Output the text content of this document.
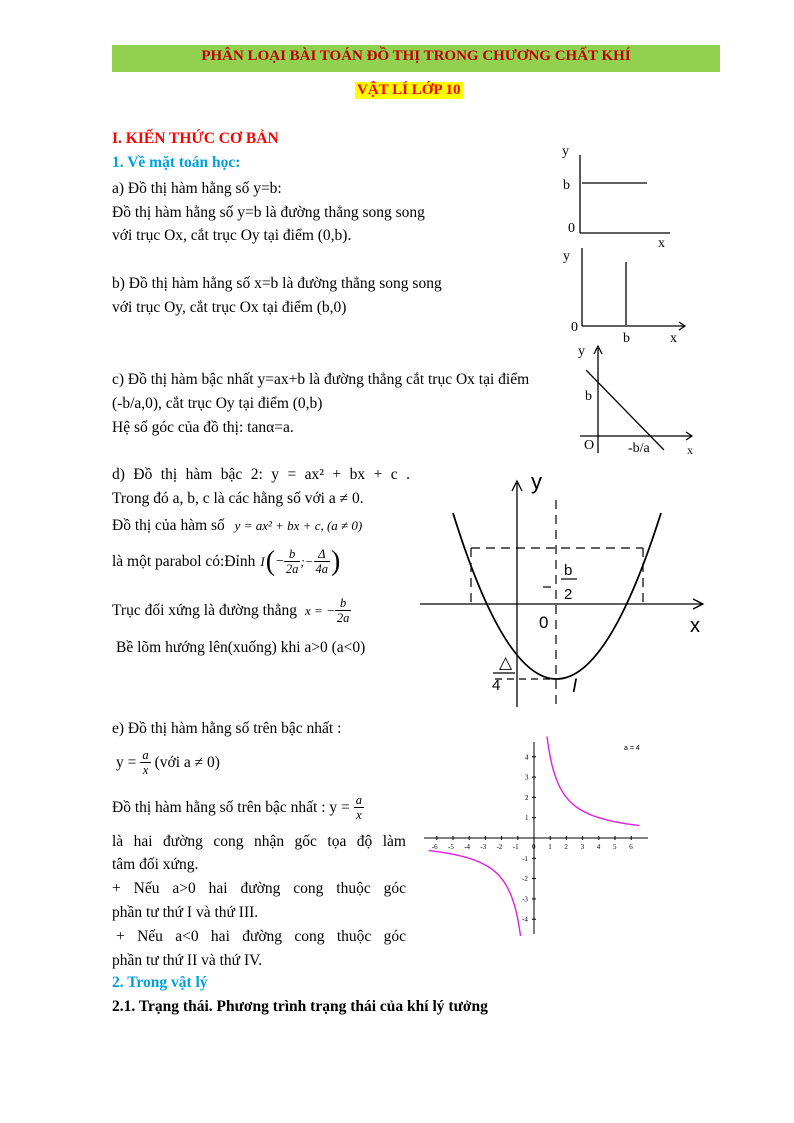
PHÂN LOẠI BÀI TOÁN ĐỒ THỊ TRONG CHƯƠNG CHẤT KHÍ
VẬT LÍ LỚP 10
I. KIẾN THỨC CƠ BẢN
1. Về mặt toán học:
a) Đồ thị hàm hằng số y=b:
Đồ thị hàm hằng số y=b là đường thẳng song song
với trục Ox, cắt trục Oy tại điểm (0,b).
b) Đồ thị hàm hằng số x=b là đường thẳng song song
với trục Oy, cắt trục Ox tại điểm (b,0)
c) Đồ thị hàm bậc nhất y=ax+b là đường thẳng cắt trục Ox tại điểm
(-b/a,0), cắt trục Oy tại điểm (0,b)
Hệ số góc của đồ thị: tanα=a.
d) Đồ thị hàm bậc 2: y = ax² + bx + c .
Trong đó a, b, c là các hằng số với a ≠ 0.
Đồ thị của hàm số y = ax² + bx + c, (a ≠ 0)
là một parabol có:Đỉnh I ( − $\frac{b}{2a}$ ;− $\frac{\Delta}{4a}$ )
Trục đối xứng là đường thẳng x = − $\frac{b}{2a}$
Bề lõm hướng lên(xuống) khi a>0 (a<0)
e) Đồ thị hàm hằng số trên bậc nhất :
$y = \frac{a}{x}$ (với a ≠ 0)
Đồ thị hàm hằng số trên bậc nhất : $y = \frac{a}{x}$
là hai đường cong nhận gốc tọa độ làm
tâm đối xứng.
+ Nếu a>0 hai đường cong thuộc góc
phần tư thứ I và thứ III.
+ Nếu a<0 hai đường cong thuộc góc
phần tư thứ II và thứ IV.
2. Trong vật lý
2.1. Trạng thái. Phương trình trạng thái của khí lý tưởng
y
b
0
x
y
0
b	x
y
b
O -b/a	x
y
x
0
b
2
△
4	I
-6 -5 -4 -3 -2 -1 0 1 2 3 4 5 6
4
3
2
1
-1
-2
-3
-4
a = 4
